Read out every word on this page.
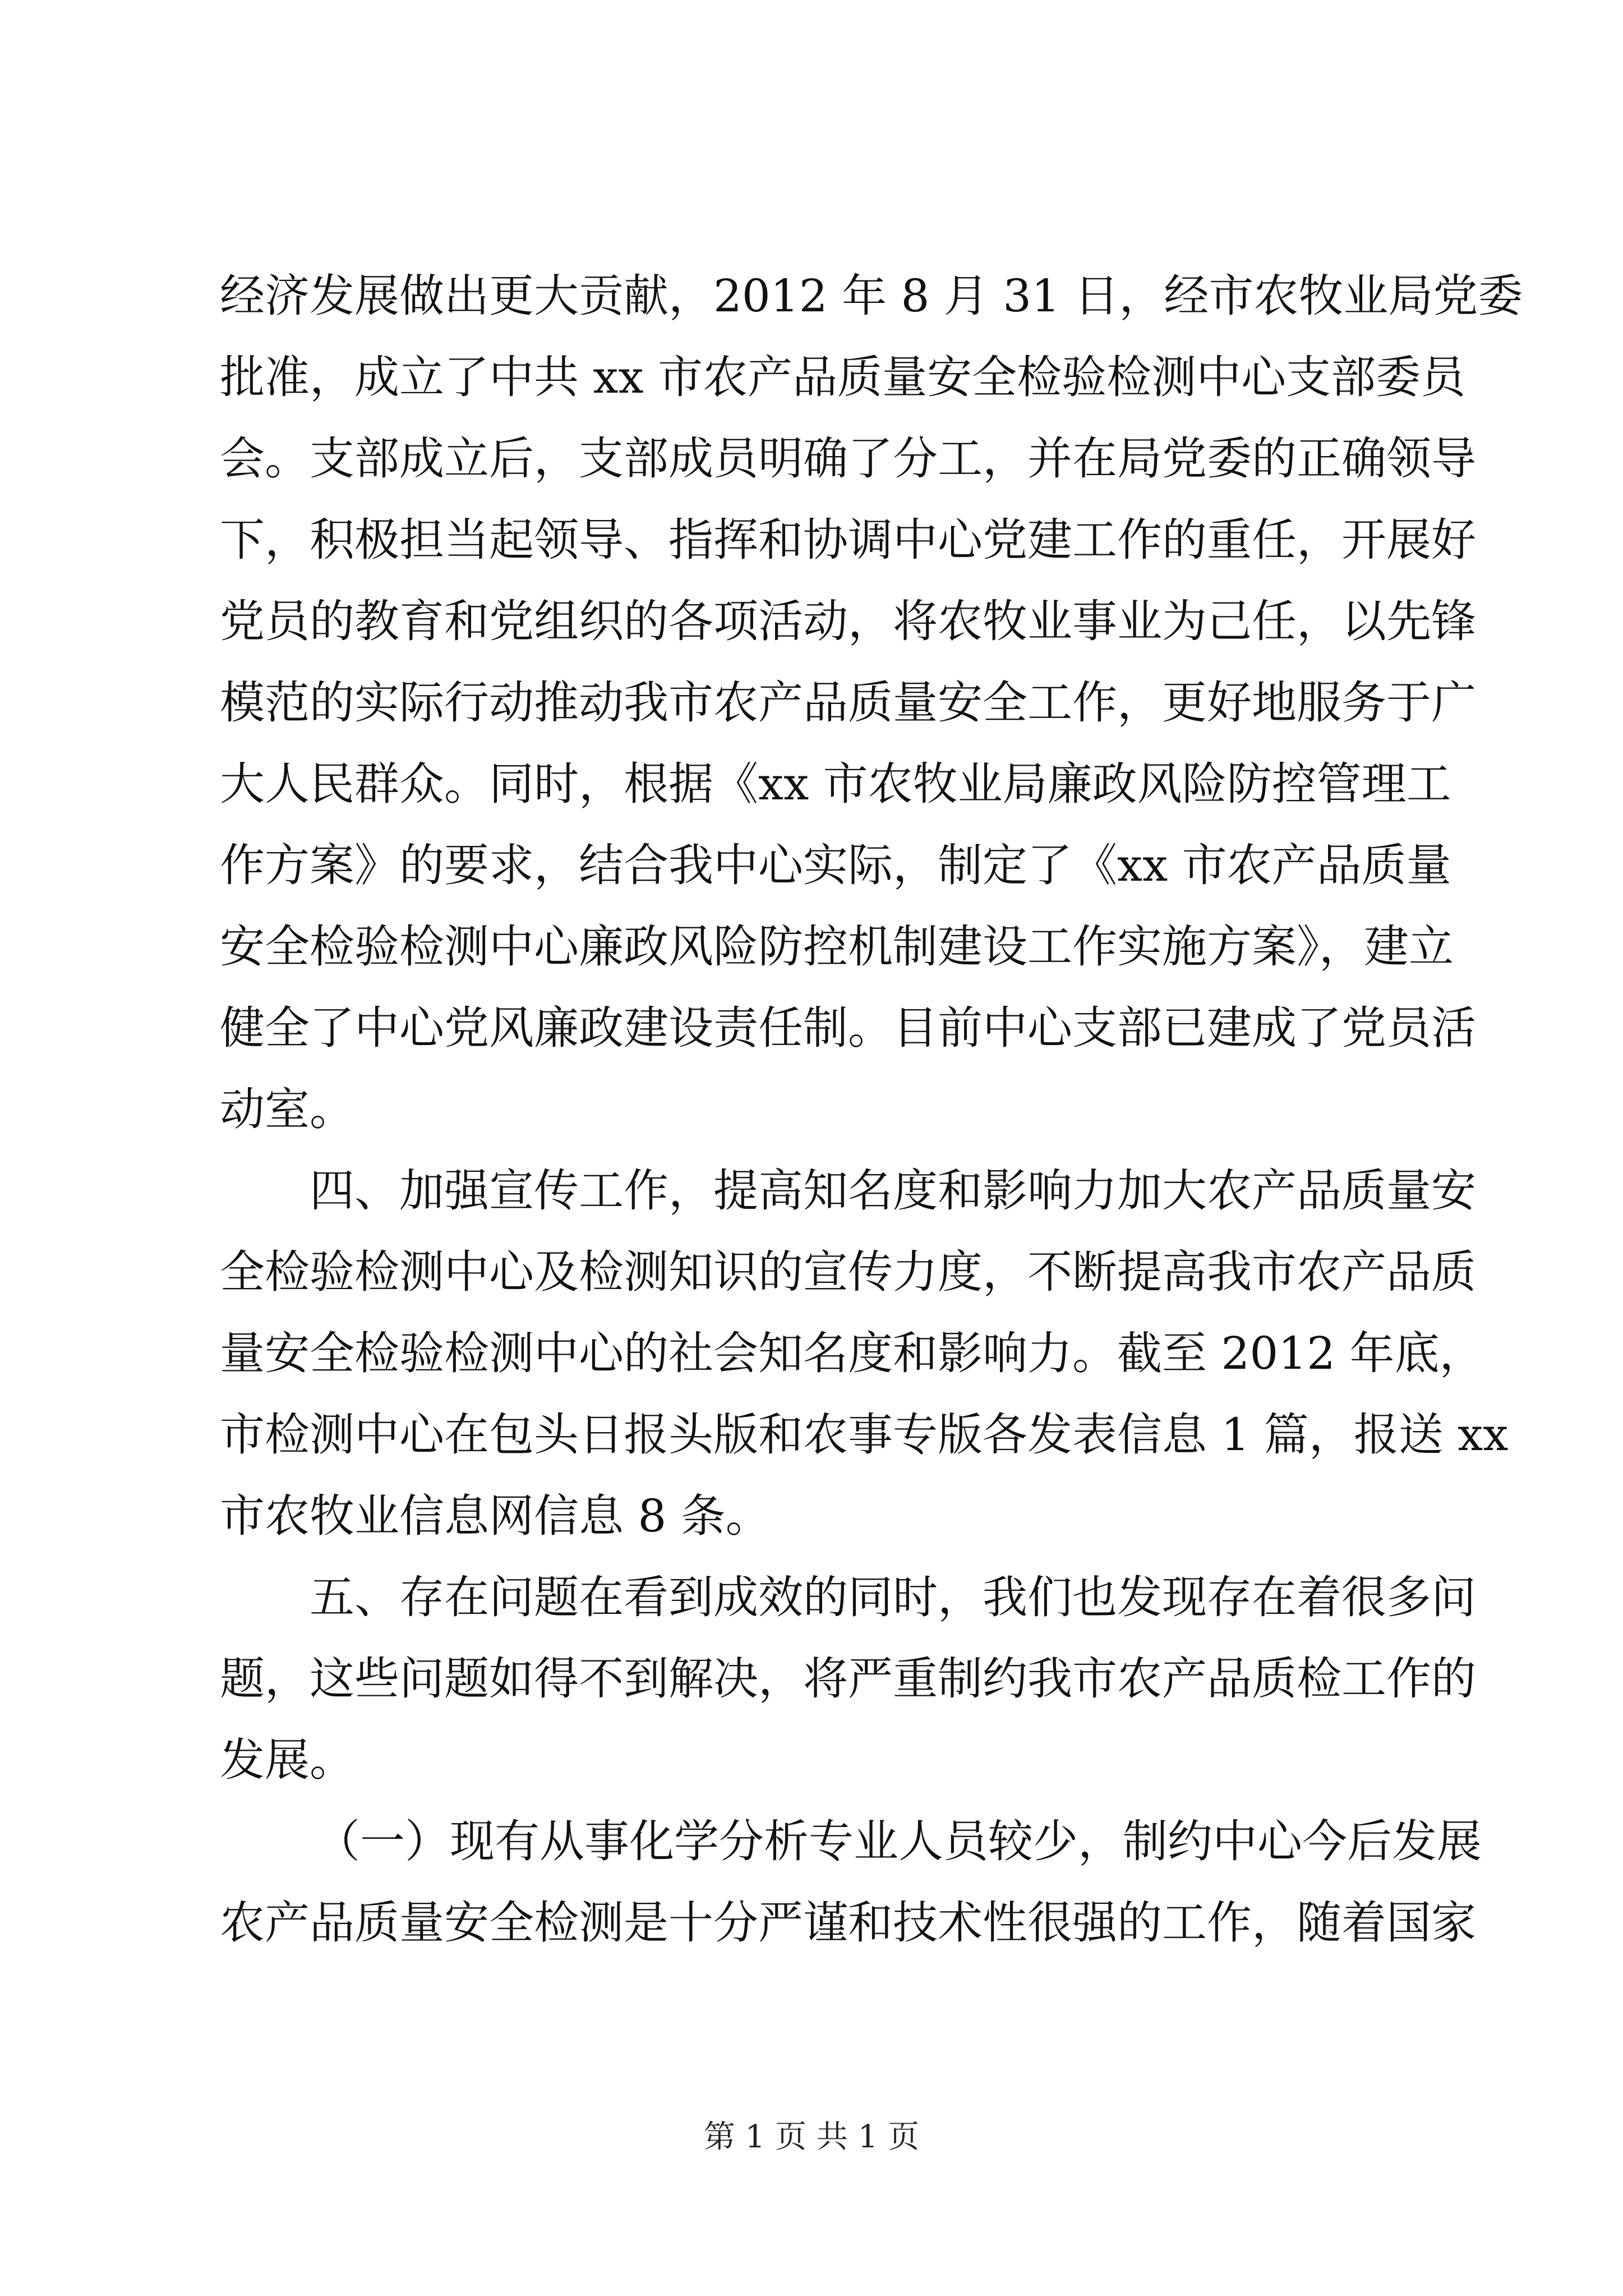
经济发展做出更大贡献，2012 年 8 月 31 日，经市农牧业局党委
批准，成立了中共 xx 市农产品质量安全检验检测中心支部委员
会。支部成立后，支部成员明确了分工，并在局党委的正确领导
下，积极担当起领导、指挥和协调中心党建工作的重任，开展好
党员的教育和党组织的各项活动，将农牧业事业为己任，以先锋
模范的实际行动推动我市农产品质量安全工作，更好地服务于广
大人民群众。同时，根据《xx 市农牧业局廉政风险防控管理工
作方案》的要求，结合我中心实际，制定了《xx 市农产品质量
安全检验检测中心廉政风险防控机制建设工作实施方案》，建立
健全了中心党风廉政建设责任制。目前中心支部已建成了党员活
动室。
四、加强宣传工作，提高知名度和影响力加大农产品质量安
全检验检测中心及检测知识的宣传力度，不断提高我市农产品质
量安全检验检测中心的社会知名度和影响力。截至 2012 年底，
市检测中心在包头日报头版和农事专版各发表信息 1 篇，报送 xx
市农牧业信息网信息 8 条。
五、存在问题在看到成效的同时，我们也发现存在着很多问
题，这些问题如得不到解决，将严重制约我市农产品质检工作的
发展。
（一）现有从事化学分析专业人员较少，制约中心今后发展
农产品质量安全检测是十分严谨和技术性很强的工作，随着国家
第 1 页 共 1 页
